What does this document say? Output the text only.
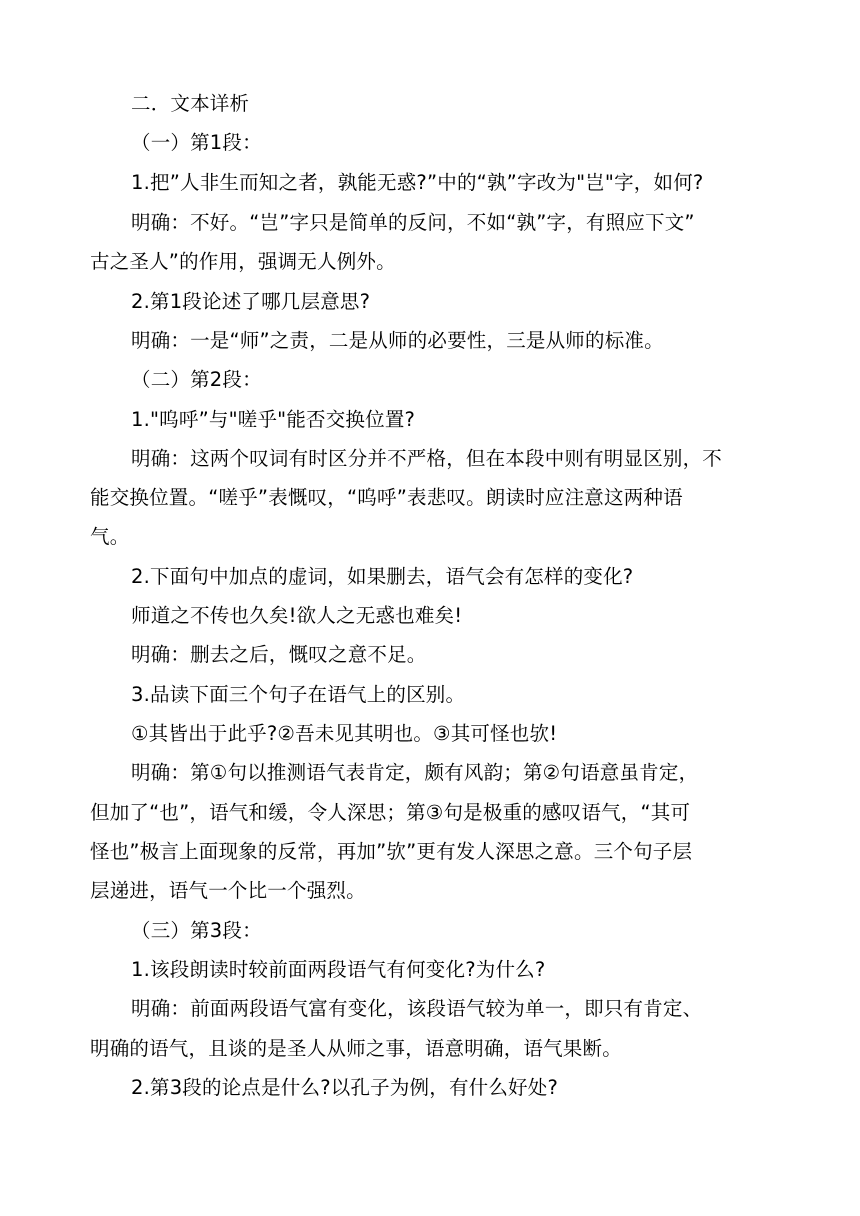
二．文本详析
（一）第1段：
1.把”人非生而知之者，孰能无惑?”中的“孰”字改为"岂"字，如何?
明确：不好。“岂”字只是简单的反问，不如“孰”字，有照应下文”
古之圣人”的作用，强调无人例外。
2.第1段论述了哪几层意思?
明确：一是“师”之责，二是从师的必要性，三是从师的标准。
（二）第2段：
1."呜呼”与"嗟乎"能否交换位置?
明确：这两个叹词有时区分并不严格，但在本段中则有明显区别，不
能交换位置。“嗟乎”表慨叹，“呜呼”表悲叹。朗读时应注意这两种语
气。
2.下面句中加点的虚词，如果删去，语气会有怎样的变化?
师道之不传也久矣!欲人之无惑也难矣!
明确：删去之后，慨叹之意不足。
3.品读下面三个句子在语气上的区别。
①其皆出于此乎?②吾未见其明也。③其可怪也欤!
明确：第①句以推测语气表肯定，颇有风韵；第②句语意虽肯定，
但加了“也”，语气和缓，令人深思；第③句是极重的感叹语气，“其可
怪也”极言上面现象的反常，再加”欤”更有发人深思之意。三个句子层
层递进，语气一个比一个强烈。
（三）第3段：
1.该段朗读时较前面两段语气有何变化?为什么?
明确：前面两段语气富有变化，该段语气较为单一，即只有肯定、
明确的语气，且谈的是圣人从师之事，语意明确，语气果断。
2.第3段的论点是什么?以孔子为例，有什么好处?
